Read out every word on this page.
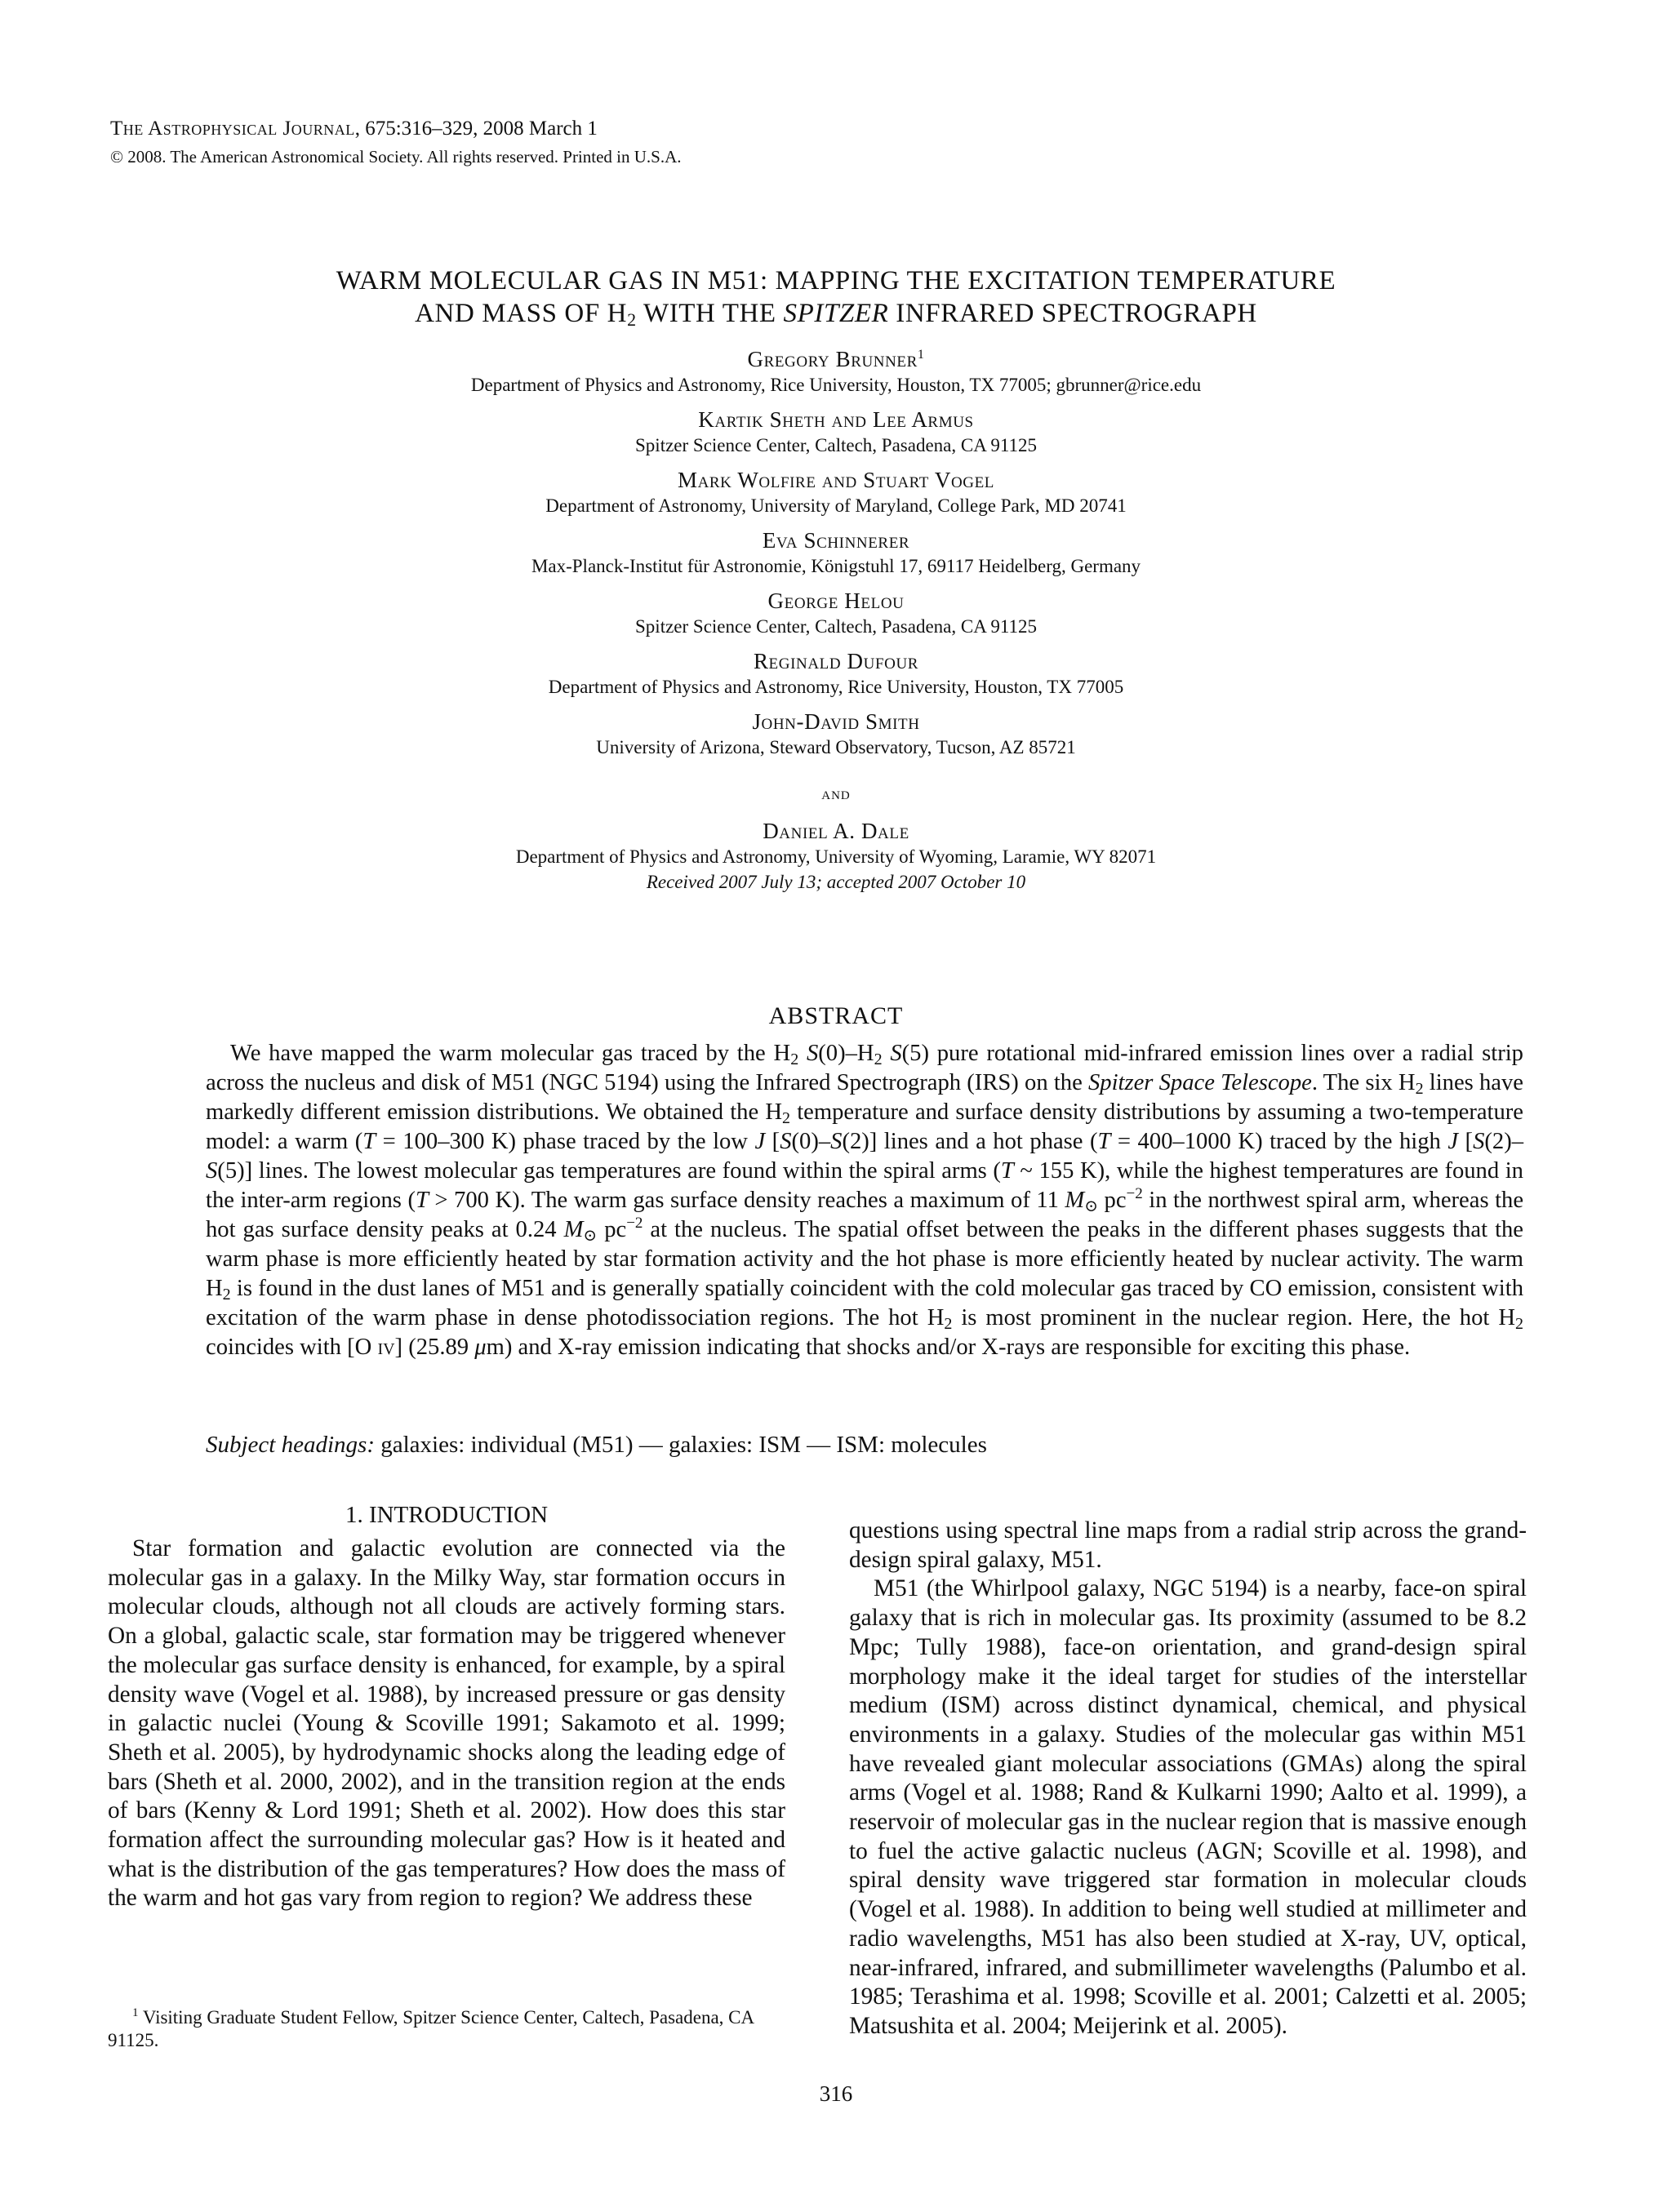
The Astrophysical Journal, 675:316–329, 2008 March 1
© 2008. The American Astronomical Society. All rights reserved. Printed in U.S.A.
WARM MOLECULAR GAS IN M51: MAPPING THE EXCITATION TEMPERATURE
AND MASS OF $H_2$ WITH THE SPITZER INFRARED SPECTROGRAPH
Gregory Brunner$^1$
Department of Physics and Astronomy, Rice University, Houston, TX 77005; gbrunner@rice.edu
Kartik Sheth and Lee Armus
Spitzer Science Center, Caltech, Pasadena, CA 91125
Mark Wolfire and Stuart Vogel
Department of Astronomy, University of Maryland, College Park, MD 20741
Eva Schinnerer
Max-Planck-Institut für Astronomie, Königstuhl 17, 69117 Heidelberg, Germany
George Helou
Spitzer Science Center, Caltech, Pasadena, CA 91125
Reginald Dufour
Department of Physics and Astronomy, Rice University, Houston, TX 77005
John-David Smith
University of Arizona, Steward Observatory, Tucson, AZ 85721
and
Daniel A. Dale
Department of Physics and Astronomy, University of Wyoming, Laramie, WY 82071
Received 2007 July 13; accepted 2007 October 10
ABSTRACT
We have mapped the warm molecular gas traced by the $H_2$ $S(0)-H_2$ S(5) pure rotational mid-infrared emission lines over a radial strip across the nucleus and disk of M51 (NGC 5194) using the Infrared Spectrograph (IRS) on the Spitzer Space Telescope. The six $H_2$ lines have markedly different emission distributions. We obtained the $H_2$ temperature and surface density distributions by assuming a two-temperature model: a warm (T = 100–300 K) phase traced by the low J [S(0)–S(2)] lines and a hot phase (T = 400–1000 K) traced by the high J [S(2)–S(5)] lines. The lowest molecular gas temperatures are found within the spiral arms (T ~ 155 K), while the highest temperatures are found in the inter-arm regions (T > 700 K). The warm gas surface density reaches a maximum of 11 $M_⊙$ $pc^{-2}$ in the northwest spiral arm, whereas the hot gas surface density peaks at 0.24 $M_⊙$ $pc^{-2}$ at the nucleus. The spatial offset between the peaks in the different phases suggests that the warm phase is more efficiently heated by star formation activity and the hot phase is more efficiently heated by nuclear activity. The warm $H_2$ is found in the dust lanes of M51 and is generally spatially coincident with the cold molecular gas traced by CO emission, consistent with excitation of the warm phase in dense photodissociation regions. The hot $H_2$ is most prominent in the nuclear region. Here, the hot $H_2$ coincides with [O iv] (25.89 μm) and X-ray emission indicating that shocks and/or X-rays are responsible for exciting this phase.
Subject headings: galaxies: individual (M51) — galaxies: ISM — ISM: molecules
1. INTRODUCTION

Star formation and galactic evolution are connected via the molecular gas in a galaxy. In the Milky Way, star formation occurs in molecular clouds, although not all clouds are actively forming stars. On a global, galactic scale, star formation may be triggered whenever the molecular gas surface density is enhanced, for example, by a spiral density wave (Vogel et al. 1988), by increased pressure or gas density in galactic nuclei (Young & Scoville 1991; Sakamoto et al. 1999; Sheth et al. 2005), by hydrodynamic shocks along the leading edge of bars (Sheth et al. 2000, 2002), and in the transition region at the ends of bars (Kenny & Lord 1991; Sheth et al. 2002). How does this star formation affect the surrounding molecular gas? How is it heated and what is the distribution of the gas temperatures? How does the mass of the warm and hot gas vary from region to region? We address these

questions using spectral line maps from a radial strip across the grand-design spiral galaxy, M51.

M51 (the Whirlpool galaxy, NGC 5194) is a nearby, face-on spiral galaxy that is rich in molecular gas. Its proximity (assumed to be 8.2 Mpc; Tully 1988), face-on orientation, and grand-design spiral morphology make it the ideal target for studies of the interstellar medium (ISM) across distinct dynamical, chemical, and physical environments in a galaxy. Studies of the molecular gas within M51 have revealed giant molecular associations (GMAs) along the spiral arms (Vogel et al. 1988; Rand & Kulkarni 1990; Aalto et al. 1999), a reservoir of molecular gas in the nuclear region that is massive enough to fuel the active galactic nucleus (AGN; Scoville et al. 1998), and spiral density wave triggered star formation in molecular clouds (Vogel et al. 1988). In addition to being well studied at millimeter and radio wavelengths, M51 has also been studied at X-ray, UV, optical, near-infrared, infrared, and submillimeter wavelengths (Palumbo et al. 1985; Terashima et al. 1998; Scoville et al. 2001; Calzetti et al. 2005; Matsushita et al. 2004; Meijerink et al. 2005).

$^1$ Visiting Graduate Student Fellow, Spitzer Science Center, Caltech, Pasadena, CA 91125.
316
